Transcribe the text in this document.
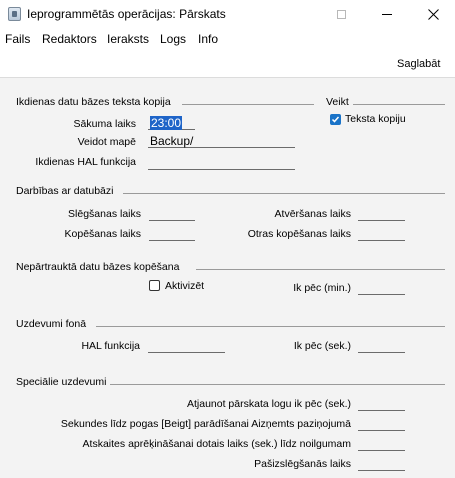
Ieprogrammētās operācijas: Pārskats
Fails Redaktors Ieraksts Logs Info
Saglabāt
Ikdienas datu bāzes teksta kopija	Veikt
Sākuma laiks 23:00
Veidot mapē Backup/
Ikdienas HAL funkcija
Teksta kopiju
Darbības ar datubāzi
Slēgšanas laiks	Atvēršanas laiks
Kopēšanas laiks	Otras kopēšanas laiks
Nepārtrauktā datu bāzes kopēšana
Aktivizēt	Ik pēc (min.)
Uzdevumi fonā
HAL funkcija	Ik pēc (sek.)
Speciālie uzdevumi
Atjaunot pārskata logu ik pēc (sek.)
Sekundes līdz pogas [Beigt] parādīšanai Aizņemts paziņojumā
Atskaites aprēķināšanai dotais laiks (sek.) līdz noilgumam
Pašizslēgšanās laiks
